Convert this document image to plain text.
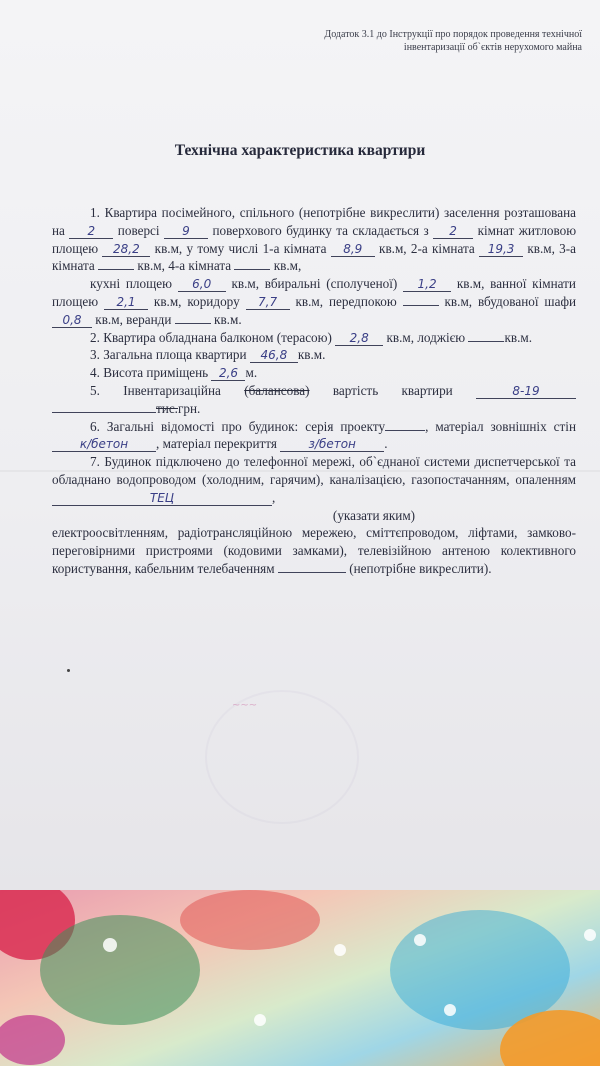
Додаток 3.1 до Інструкції про порядок проведення технічної
інвентаризації об`єктів нерухомого майна
Технічна характеристика квартири

1. Квартира посімейного, спільного (непотрібне викреслити) заселення розташована на 2 поверсі 9 поверхового будинку та складається з 2 кімнат житловою площею 28,2 кв.м, у тому числі 1-а кімната 8,9 кв.м, 2-а кімната 19,3 кв.м, 3-а кімната	кв.м, 4-а кімната	кв.м,

кухні площею 6,0 кв.м, вбиральні (сполученої) 1,2 кв.м, ванної кімнати площею 2,1 кв.м, коридору 7,7 кв.м, передпокою	кв.м, вбудованої шафи 0,8 кв.м, веранди	кв.м.

2. Квартира обладнана балконом (терасою) 2,8 кв.м, лоджією	кв.м.

3. Загальна площа квартири 46,8 кв.м.

4. Висота приміщень 2,6 м.

5. Інвентаризаційна (балансова) вартість квартири	8-19 тис.грн.

6. Загальні відомості про будинок: серія проекту	, матеріал зовнішніх стін к/бетон , матеріал перекриття	з/бетон .

7. Будинок підключено до телефонної мережі, об`єднаної системи диспетчерської та обладнано водопроводом (холодним, гарячим), каналізацією, газопостачанням, опаленнямТЕЦ	,

(указати яким)

електроосвітленням, радіотрансляційною мережею, сміттєпроводом, ліфтами, замково-переговірними пристроями (кодовими замками), телевізійною антеною колективного користування, кабельним телебаченням	(непотрібне викреслити).

~~~
